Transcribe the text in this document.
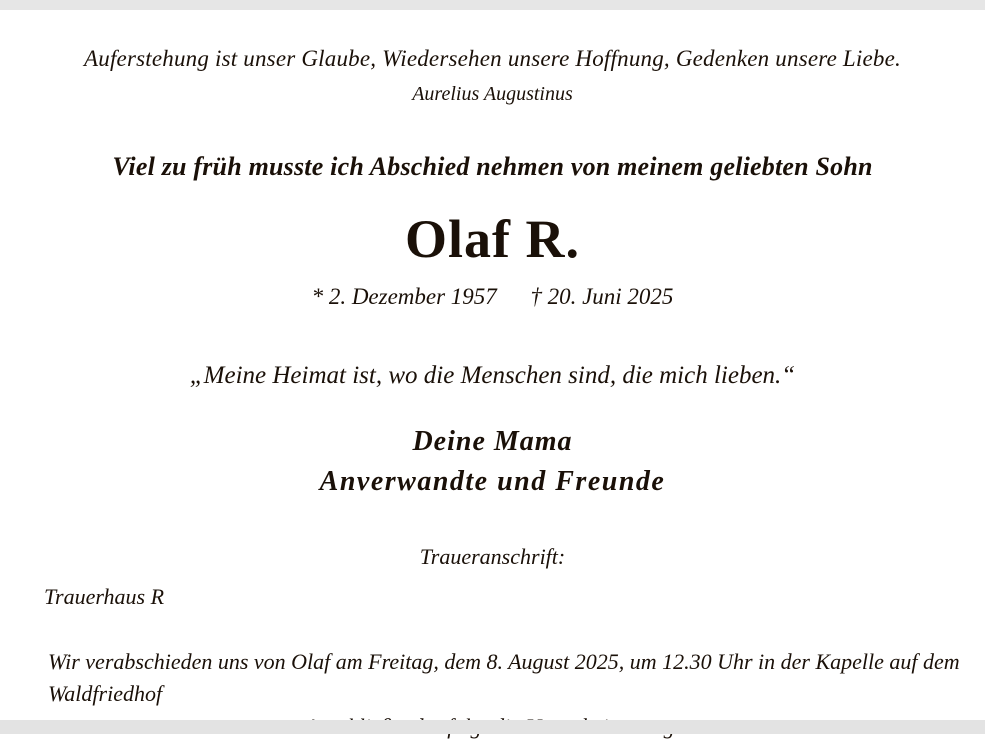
Auferstehung ist unser Glaube, Wiedersehen unsere Hoffnung, Gedenken unsere Liebe.
Aurelius Augustinus
Viel zu früh musste ich Abschied nehmen von meinem geliebten Sohn
Olaf R.
* 2. Dezember 1957 † 20. Juni 2025
„Meine Heimat ist, wo die Menschen sind, die mich lieben.“
Deine Mama
Anverwandte und Freunde
Traueranschrift:
Trauerhaus R
Wir verabschieden uns von Olaf am Freitag, dem 8. August 2025, um 12.30 Uhr in der Kapelle auf dem Waldfriedhof
